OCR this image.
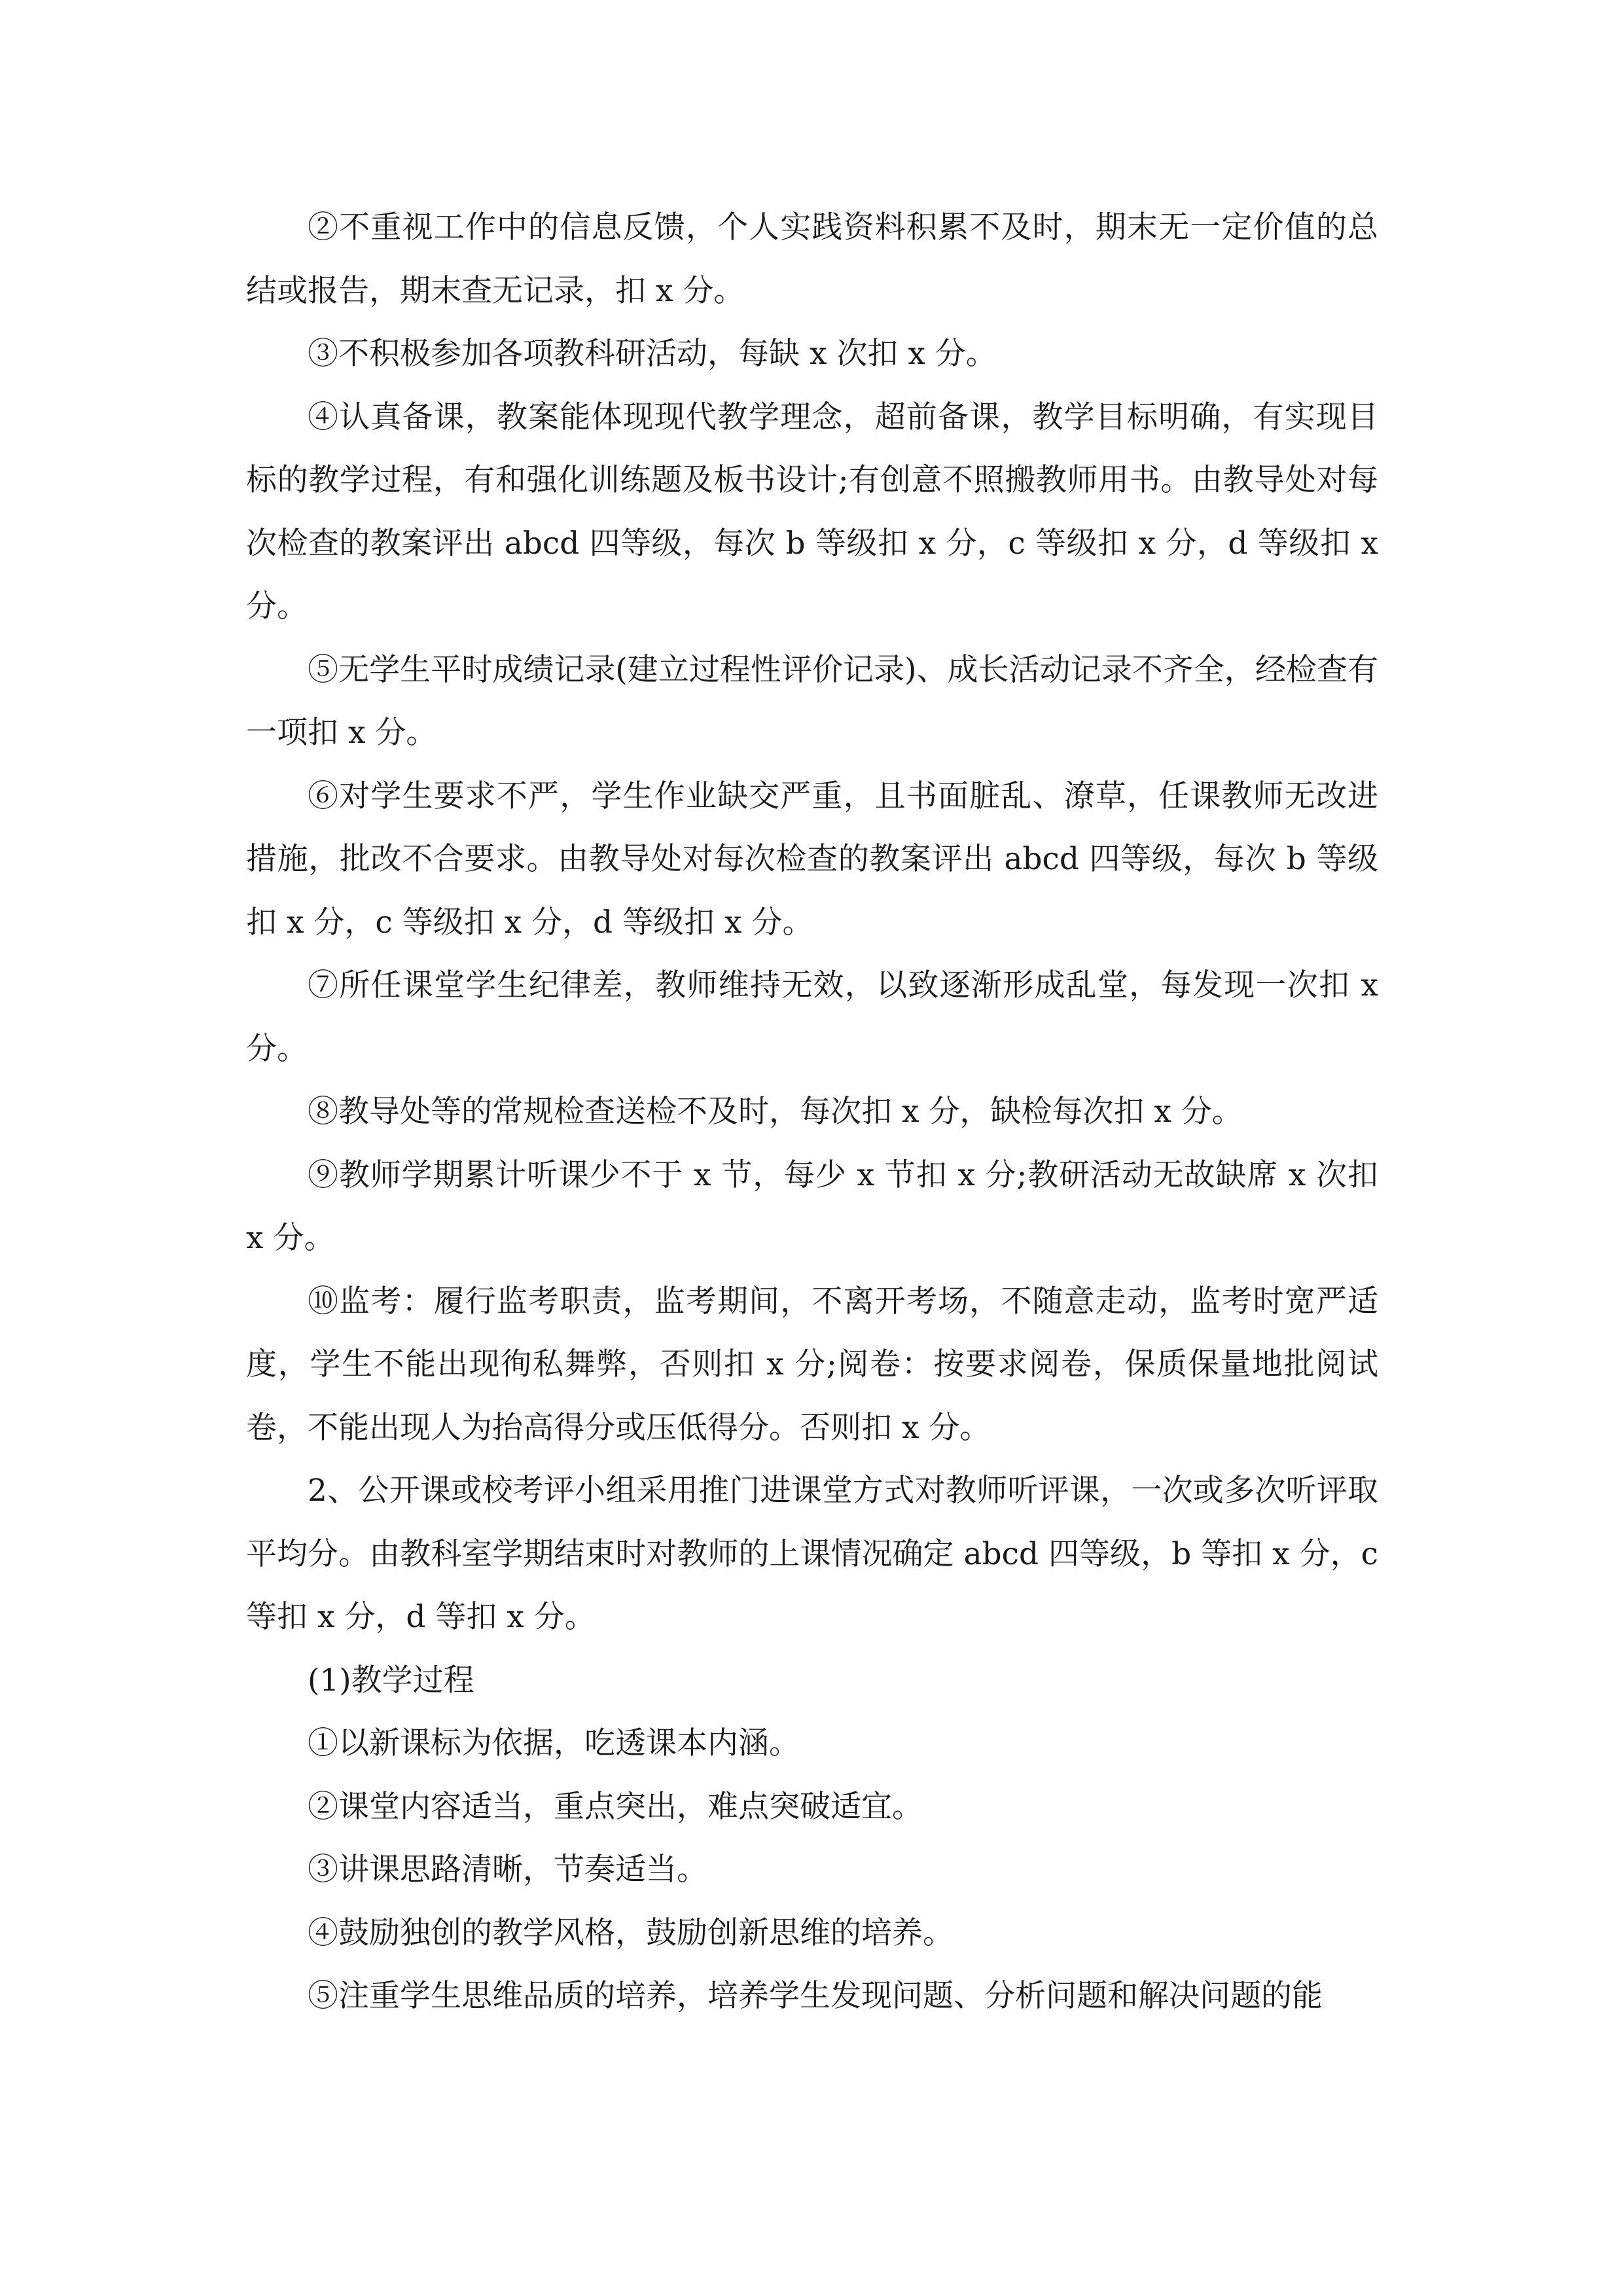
②不重视工作中的信息反馈，个人实践资料积累不及时，期末无一定价值的总结或报告，期末查无记录，扣 x 分。

③不积极参加各项教科研活动，每缺 x 次扣 x 分。

④认真备课，教案能体现现代教学理念，超前备课，教学目标明确，有实现目标的教学过程，有和强化训练题及板书设计;有创意不照搬教师用书。由教导处对每次检查的教案评出 abcd 四等级，每次 b 等级扣 x 分，c 等级扣 x 分，d 等级扣 x 分。

⑤无学生平时成绩记录(建立过程性评价记录)、成长活动记录不齐全，经检查有一项扣 x 分。

⑥对学生要求不严，学生作业缺交严重，且书面脏乱、潦草，任课教师无改进措施，批改不合要求。由教导处对每次检查的教案评出 abcd 四等级，每次 b 等级扣 x 分，c 等级扣 x 分，d 等级扣 x 分。

⑦所任课堂学生纪律差，教师维持无效，以致逐渐形成乱堂，每发现一次扣 x 分。

⑧教导处等的常规检查送检不及时，每次扣 x 分，缺检每次扣 x 分。

⑨教师学期累计听课少不于 x 节，每少 x 节扣 x 分;教研活动无故缺席 x 次扣 x 分。

⑩监考：履行监考职责，监考期间，不离开考场，不随意走动，监考时宽严适度，学生不能出现徇私舞弊，否则扣 x 分;阅卷：按要求阅卷，保质保量地批阅试卷，不能出现人为抬高得分或压低得分。否则扣 x 分。

2、公开课或校考评小组采用推门进课堂方式对教师听评课，一次或多次听评取平均分。由教科室学期结束时对教师的上课情况确定 abcd 四等级，b 等扣 x 分，c 等扣 x 分，d 等扣 x 分。

(1)教学过程

①以新课标为依据，吃透课本内涵。

②课堂内容适当，重点突出，难点突破适宜。

③讲课思路清晰，节奏适当。

④鼓励独创的教学风格，鼓励创新思维的培养。

⑤注重学生思维品质的培养，培养学生发现问题、分析问题和解决问题的能
